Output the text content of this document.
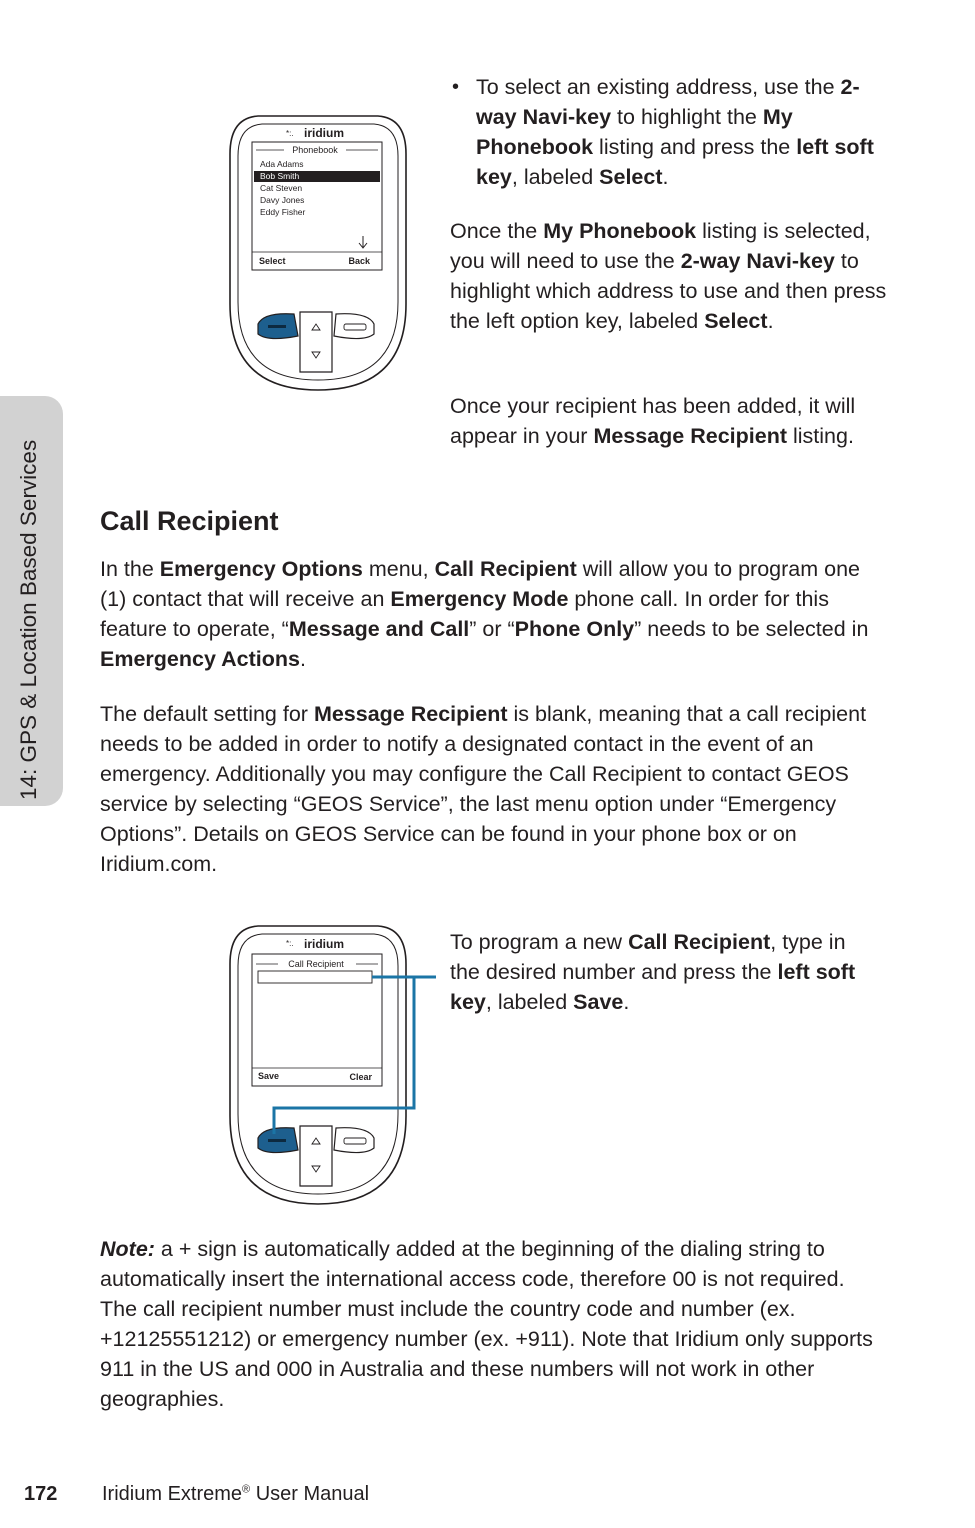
14: GPS & Location Based Services
*:. iridium
Phonebook
Ada Adams
Bob Smith
Cat Steven
Davy Jones
Eddy Fisher
Select	Back
• To select an existing address, use the 2-way Navi-key to highlight the My Phonebook listing and press the left soft key, labeled Select.

Once the My Phonebook listing is selected, you will need to use the 2-way Navi-key to highlight which address to use and then press the left option key, labeled Select.

Once your recipient has been added, it will appear in your Message Recipient listing.

Call Recipient

In the Emergency Options menu, Call Recipient will allow you to program one (1) contact that will receive an Emergency Mode phone call. In order for this feature to operate, “Message and Call” or “Phone Only” needs to be selected in Emergency Actions.

The default setting for Message Recipient is blank, meaning that a call recipient needs to be added in order to notify a designated contact in the event of an emergency. Additionally you may configure the Call Recipient to contact GEOS service by selecting “GEOS Service”, the last menu option under “Emergency Options”. Details on GEOS Service can be found in your phone box or on Iridium.com.

*:. iridium
Call Recipient
Save	Clear

To program a new Call Recipient, type in the desired number and press the left soft key, labeled Save.

Note: a + sign is automatically added at the beginning of the dialing string to automatically insert the international access code, therefore 00 is not required. The call recipient number must include the country code and number (ex. +12125551212) or emergency number (ex. +911). Note that Iridium only supports 911 in the US and 000 in Australia and these numbers will not work in other geographies.

172 Iridium Extreme® User Manual
